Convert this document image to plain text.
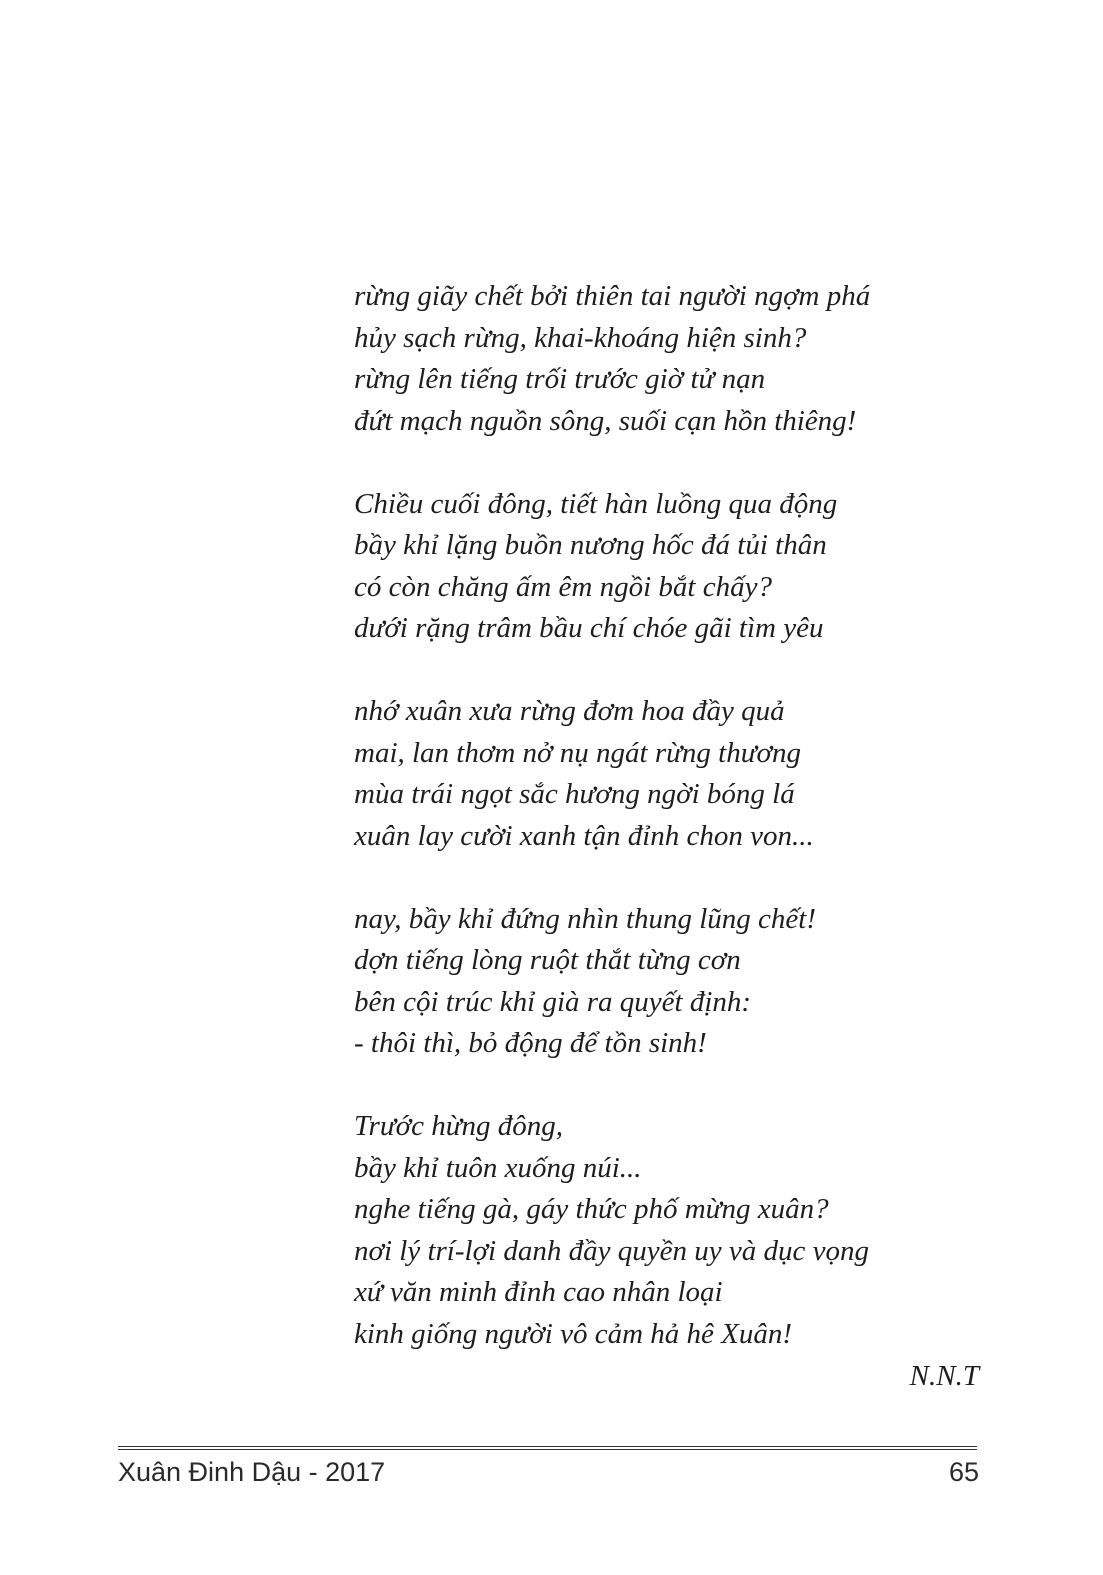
rừng giãy chết bởi thiên tai người ngợm phá
hủy sạch rừng, khai-khoáng hiện sinh?
rừng lên tiếng trối trước giờ tử nạn
đứt mạch nguồn sông, suối cạn hồn thiêng!
Chiều cuối đông, tiết hàn luồng qua động
bầy khỉ lặng buồn nương hốc đá tủi thân
có còn chăng ấm êm ngồi bắt chấy?
dưới rặng trâm bầu chí chóe gãi tìm yêu
nhớ xuân xưa rừng đơm hoa đầy quả
mai, lan thơm nở nụ ngát rừng thương
mùa trái ngọt sắc hương ngời bóng lá
xuân lay cười xanh tận đỉnh chon von...
nay, bầy khỉ đứng nhìn thung lũng chết!
dợn tiếng lòng ruột thắt từng cơn
bên cội trúc khỉ già ra quyết định:
- thôi thì, bỏ động để tồn sinh!
Trước hừng đông,
bầy khỉ tuôn xuống núi...
nghe tiếng gà, gáy thức phố mừng xuân?
nơi lý trí-lợi danh đầy quyền uy và dục vọng
xứ văn minh đỉnh cao nhân loại
kinh giống người vô cảm hả hê Xuân!
N.N.T
Xuân Đinh Dậu - 2017	65
